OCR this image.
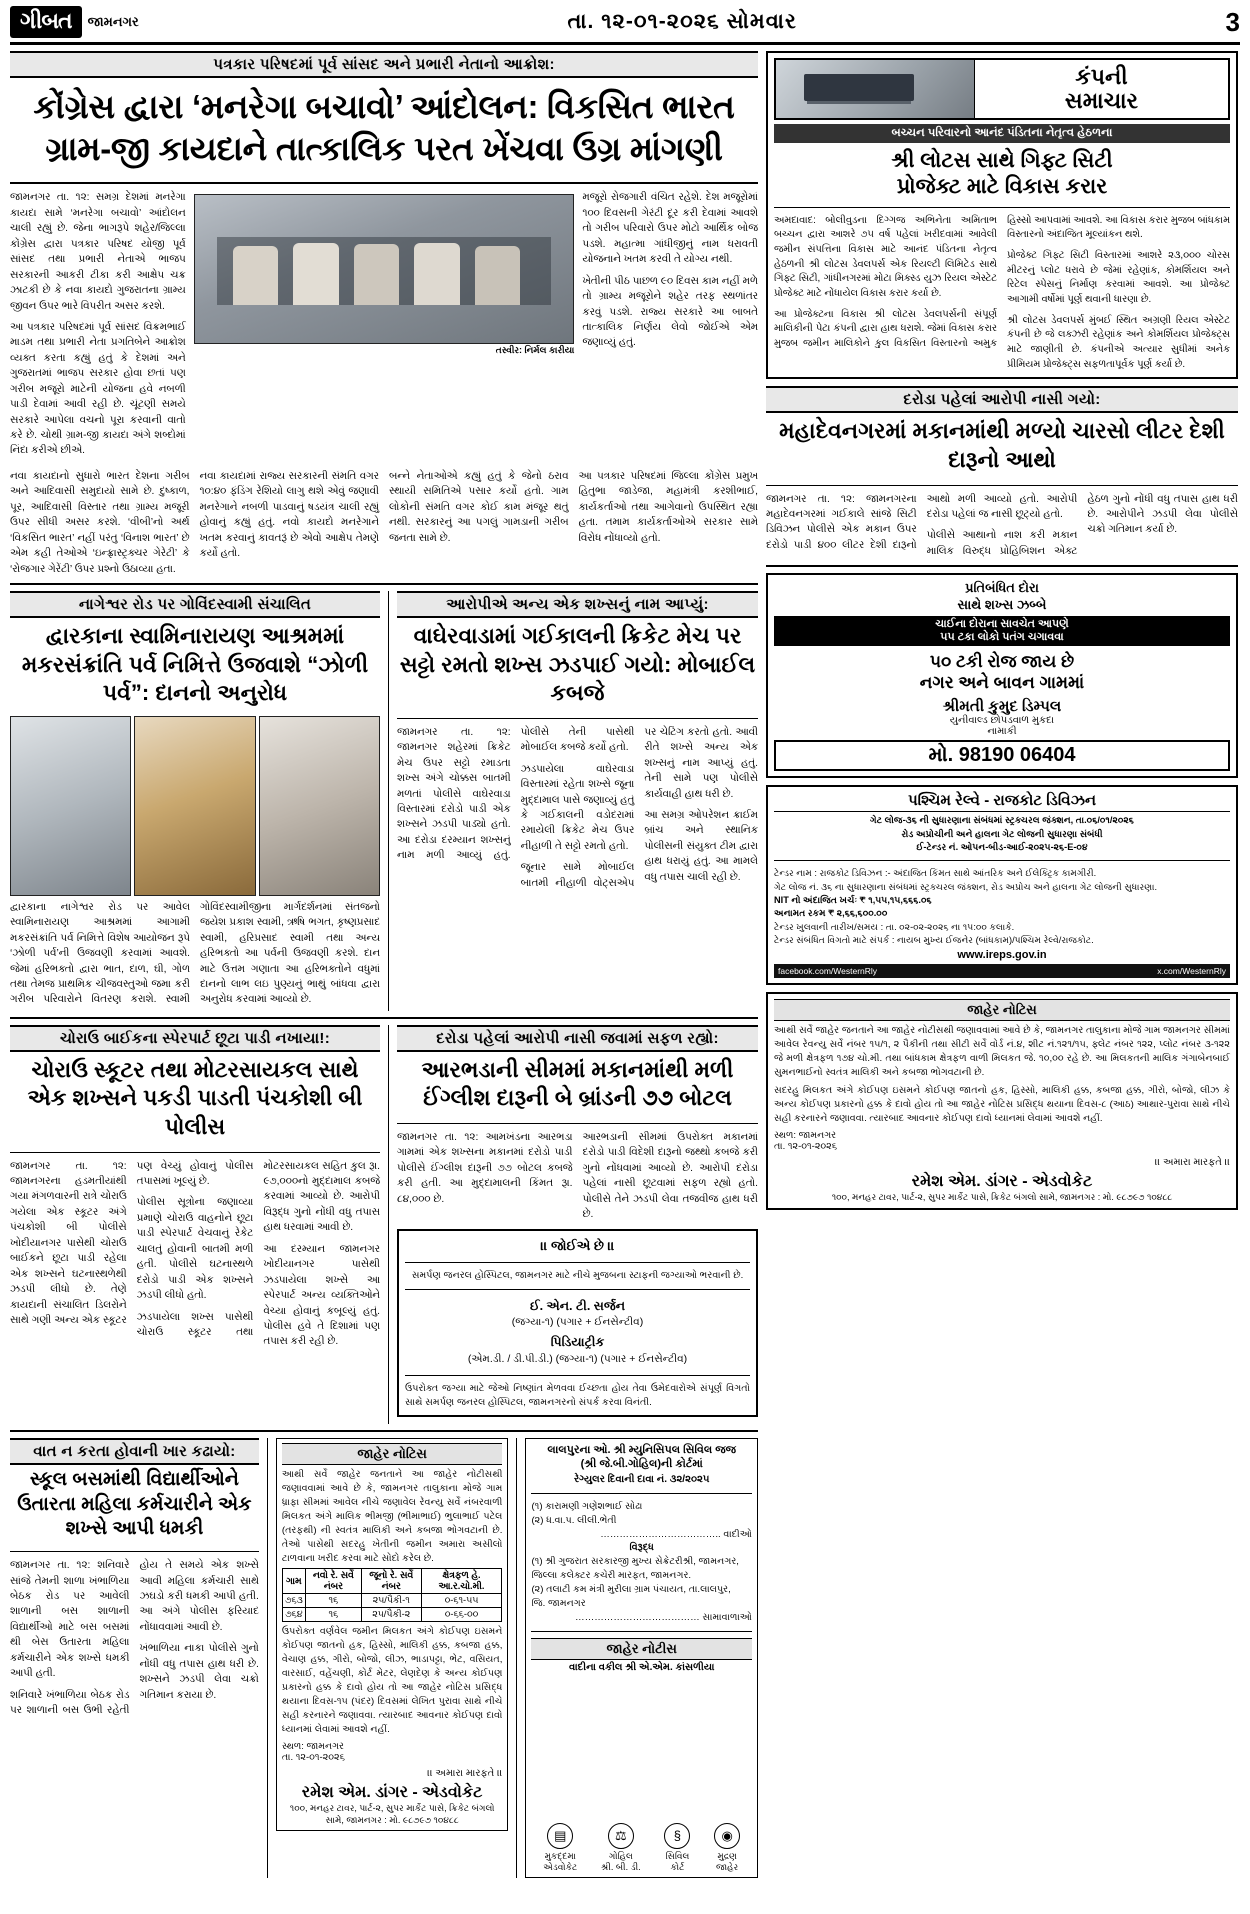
ગીબત	જામનગર	તા. ૧૨-૦૧-૨૦૨૬ સોમવાર	3
પત્રકાર પરિષદમાં પૂર્વ સાંસદ અને પ્રભારી નેતાનો આક્રોશ:
કોંગ્રેસ દ્વારા ‘મનરેગા બચાવો’ આંદોલન: વિકસિત ભારત
ગ્રામ-જી કાયદાને તાત્કાલિક પરત ખેંચવા ઉગ્ર માંગણી

જામનગર તા. ૧૨: સમગ્ર દેશમાં મનરેગા કાયદા સામે ‘મનરેગા બચાવો’ આંદોલન ચાલી રહ્યું છે. જેના ભાગરૂપે શહેર/જિલ્લા કોંગ્રેસ દ્વારા પત્રકાર પરિષદ યોજી પૂર્વ સાંસદ તથા પ્રભારી નેતાએ ભાજપ સરકારની આકરી ટીકા કરી આક્ષેપ ચક્ર ઝાટકી છે કે નવા કાયદો ગુજરાતના ગ્રામ્ય જીવન ઉપર ભારે વિપરીત અસર કરશે.

આ પત્રકાર પરિષદમાં પૂર્વ સાંસદ વિક્રમભાઈ માડમ તથા પ્રભારી નેતા પ્રગતિબેને આક્રોશ વ્યક્ત કરતા કહ્યું હતું કે દેશમાં અને ગુજરાતમાં ભાજપ સરકાર હોવા છતાં પણ ગરીબ મજૂરો માટેની યોજના હવે નબળી પાડી દેવામાં આવી રહી છે. ચૂંટણી સમયે સરકારે આપેલા વચનો પૂરા કરવાની વાતો કરે છે. ચોથી ગ્રામ-જી કાયદા અંગે શબ્દોમાં નિંદા કરીએ છીએ.

તસ્વીર: નિર્મલ કારીયા

મજૂરો રોજગારી વંચિત રહેશે. દેશ મજૂરોમાં ૧૦૦ દિવસની ગેરંટી દૂર કરી દેવામાં આવશે તો ગરીબ પરિવારો ઉપર મોટો આર્થિક બોજ પડશે. મહાત્મા ગાંધીજીનું નામ ધરાવતી યોજનાને ખતમ કરવી તે યોગ્ય નથી.

ખેતીની પીઠ પાછળ ૯૦ દિવસ કામ નહીં મળે તો ગ્રામ્ય મજૂરોને શહેર તરફ સ્થળાંતર કરવું પડશે. રાજ્ય સરકારે આ બાબતે તાત્કાલિક નિર્ણય લેવો જોઈએ એમ જણાવ્યું હતું.

નવા કાયદાનો સુધારો ભારત દેશના ગરીબ અને આદિવાસી સમુદાયો સામે છે. દુષ્કાળ, પૂર, આદિવાસી વિસ્તાર તથા ગ્રામ્ય મજૂરી ઉપર સીધી અસર કરશે. ‘વીબી’નો અર્થ ‘વિકસિત ભારત’ નહીં પરંતુ ‘વિનાશ ભારત’ છે એમ કહી તેઓએ ‘ઇન્ફ્રાસ્ટ્રક્ચર ગેરેટી’ કે ‘રોજગાર ગેરેંટી’ ઉપર પ્રશ્નો ઉઠાવ્યા હતા.

નવા કાયદામાં રાજ્ય સરકારની સંમતિ વગર ૧૦:૪૦ ફંડિંગ રેશિયો લાગુ થશે એવું જણાવી મનરેગાને નબળી પાડવાનું ષડયંત્ર ચાલી રહ્યું હોવાનું કહ્યું હતું. નવો કાયદો મનરેગાને ખતમ કરવાનું કાવતરૂં છે એવો આક્ષેપ તેમણે કર્યો હતો.

બન્ને નેતાઓએ કહ્યું હતું કે જેનો ઠરાવ સ્થાયી સમિતિએ પસાર કર્યો હતો. ગામ લોકોની સંમતિ વગર કોઈ કામ મંજૂર થતું નથી. સરકારનું આ પગલું ગામડાની ગરીબ જનતા સામે છે.

આ પત્રકાર પરિષદમાં જિલ્લા કોંગ્રેસ પ્રમુખ હિતુભા જાડેજા, મહામંત્રી કરશીભાઈ, કાર્યકર્તાઓ તથા આગેવાનો ઉપસ્થિત રહ્યા હતા. તમામ કાર્યકર્તાઓએ સરકાર સામે વિરોધ નોંધાવ્યો હતો.

નાગેશ્વર રોડ પર ગોવિંદસ્વામી સંચાલિત
દ્વારકાના સ્વામિનારાયણ આશ્રમમાં મકરસંક્રાંતિ પર્વ નિમિત્તે ઉજવાશે “ઝોળી પર્વ”: દાનનો અનુરોધ

દ્વારકાના નાગેશ્વર રોડ પર આવેલ સ્વામિનારાયણ આશ્રમમાં આગામી મકરસંક્રાંતિ પર્વ નિમિત્તે વિશેષ આયોજન રૂપે ‘ઝોળી પર્વ’ની ઉજવણી કરવામાં આવશે. જેમાં હરિભક્તો દ્વારા ભાત, દાળ, ઘી, ગોળ તથા તેમજ પ્રાથમિક ચીજવસ્તુઓ જમા કરી ગરીબ પરિવારોને વિતરણ કરાશે. સ્વામી ગોવિંદસ્વામીજીના માર્ગદર્શનમાં સંતજનો જયેશ પ્રકાશ સ્વામી, ઋષિ ભગત, કૃષ્ણપ્રસાદ સ્વામી, હરિપ્રસાદ સ્વામી તથા અન્ય હરિભક્તો આ પર્વની ઉજવણી કરશે. દાન માટે ઉત્તમ ગણાતા આ હરિભક્તોને વધુમાં દાનનો લાભ લઇ પુણ્યનું ભાથું બાંધવા દ્વારા અનુરોધ કરવામાં આવ્યો છે.

આરોપીએ અન્ય એક શખ્સનું નામ આપ્યું:
વાઘેરવાડામાં ગઈકાલની ક્રિકેટ મેચ પર સટ્ટો રમતો શખ્સ ઝડપાઈ ગયો: મોબાઈલ કબજે

જામનગર તા. ૧૨: જામનગર શહેરમાં ક્રિકેટ મેચ ઉપર સટ્ટો રમાડતા શખ્સ અંગે ચોક્કસ બાતમી મળતાં પોલીસે વાઘેરવાડા વિસ્તારમાં દરોડો પાડી એક શખ્સને ઝડપી પાડ્યો હતો. આ દરોડા દરમ્યાન શખ્સનું નામ મળી આવ્યું હતું. પોલીસે તેની પાસેથી મોબાઈલ કબજે કર્યો હતો.

ઝડપાયેલા વાઘેરવાડા વિસ્તારમાં રહેતા શખ્સે જૂના મુદ્દામાલ પાસે જણાવ્યું હતું કે ગઈકાલની વડોદરામાં રમાયેલી ક્રિકેટ મેચ ઉપર નીહાળી તે સટ્ટો રમતો હતો.

જૂનાર સામે મોબાઈલ બાતમી નીહાળી વોટ્સએપ પર ચેટિંગ કરતો હતો. આવી રીતે શખ્સે અન્ય એક શખ્સનું નામ આપ્યું હતું. તેની સામે પણ પોલીસે કાર્યવાહી હાથ ધરી છે.

આ સમગ્ર ઓપરેશન ક્રાઈમ બ્રાંચ અને સ્થાનિક પોલીસની સંયુક્ત ટીમ દ્વારા હાથ ધરાયું હતું. આ મામલે વધુ તપાસ ચાલી રહી છે.

ચોરાઉ બાઈકના સ્પેરપાર્ટ છૂટા પાડી નખાયા!:
ચોરાઉ સ્કૂટર તથા મોટરસાયકલ સાથે એક શખ્સને પકડી પાડતી પંચકોશી બી પોલીસ

જામનગર તા. ૧૨: જામનગરના હડમતીયાંથી ગયા મંગળવારની રાત્રે ચોરાઉ ગયેલા એક સ્કૂટર અંગે પંચકોશી બી પોલીસે ખોદીયાનગર પાસેથી ચોરાઉ બાઈકને છૂટા પાડી રહેલા એક શખ્સને ઘટનાસ્થળેથી ઝડપી લીધો છે. તેણે કાયદાની સંચાલિત ડિલરોને સાથે ગણી અન્ય એક સ્કૂટર પણ વેચ્યું હોવાનું પોલીસ તપાસમાં ખૂલ્યું છે.

પોલીસ સૂત્રોના જણાવ્યા પ્રમાણે ચોરાઉ વાહનોને છૂટા પાડી સ્પેરપાર્ટ વેચવાનું રેકેટ ચાલતું હોવાની બાતમી મળી હતી. પોલીસે ઘટનાસ્થળે દરોડો પાડી એક શખ્સને ઝડપી લીધો હતો.

ઝડપાયેલા શખ્સ પાસેથી ચોરાઉ સ્કૂટર તથા મોટરસાયકલ સહિત કુલ રૂા. ૯૭,૦૦૦નો મુદ્દામાલ કબજે કરવામાં આવ્યો છે. આરોપી વિરૂદ્ધ ગુનો નોંધી વધુ તપાસ હાથ ધરવામાં આવી છે.

આ દરમ્યાન જામનગર ખોદીયાનગર પાસેથી ઝડપાયેલા શખ્સે આ સ્પેરપાર્ટ અન્ય વ્યક્તિઓને વેચ્યા હોવાનું કબૂલ્યું હતું. પોલીસ હવે તે દિશામાં પણ તપાસ કરી રહી છે.

દરોડા પહેલાં આરોપી નાસી જવામાં સફળ રહ્યો:
આરભડાની સીમમાં મકાનમાંથી મળી ઈંગ્લીશ દારૂની બે બ્રાંડની ૭૭ બોટલ

જામનગર તા. ૧૨: આમખંડના આરભડા ગામમાં એક શખ્સના મકાનમાં દરોડો પાડી પોલીસે ઈંગ્લીશ દારૂની ૭૭ બોટલ કબજે કરી હતી. આ મુદ્દામાલની કિંમત રૂા. ૮૪,૦૦૦ છે.

આરભડાની સીમમાં ઉપરોક્ત મકાનમાં દરોડો પાડી વિદેશી દારૂનો જથ્થો કબજે કરી ગુનો નોંધવામાં આવ્યો છે. આરોપી દરોડા પહેલાં નાસી છૂટવામાં સફળ રહ્યો હતો. પોલીસે તેને ઝડપી લેવા તજવીજ હાથ ધરી છે.

।। જોઈએ છે ।।
સમર્પણ જનરલ હોસ્પિટલ, જામનગર માટે નીચે મુજબના સ્ટાફની જગ્યાઓ ભરવાની છે.
ઈ. એન. ટી. સર્જન
(જગ્યા-૧) (પગાર + ઈનસેન્ટીવ)
પિડિયાટ્રીક
(એમ.ડી. / ડી.પી.ડી.) (જગ્યા-૧) (પગાર + ઈનસેન્ટીવ)
ઉપરોક્ત જગ્યા માટે જેઓ નિષ્ણાંત મેળવવા ઈચ્છતા હોય તેવા ઉમેદવારોએ સંપૂર્ણ વિગતો સાથે સમર્પણ જનરલ હોસ્પિટલ, જામનગરનો સંપર્ક કરવા વિનંતી.
વાત ન કરતા હોવાની ખાર કઢાયો:
સ્કૂલ બસમાંથી વિદ્યાર્થીઓને ઉતારતા મહિલા કર્મચારીને એક શખ્સે આપી ધમકી

જામનગર તા. ૧૨: શનિવારે સાંજે તેમની શાળા ખંભાળિયા બેઠક રોડ પર આવેલી શાળાની બસ શાળાની વિદ્યાર્થીઓ માટે બસ બસમાં થી બેસ ઉતારતા મહિલા કર્મચારીને એક શખ્સે ધમકી આપી હતી.

શનિવારે ખંભાળિયા બેઠક રોડ પર શાળાની બસ ઉભી રહેતી હોય તે સમયે એક શખ્સે આવી મહિલા કર્મચારી સાથે ઝઘડો કરી ધમકી આપી હતી. આ અંગે પોલીસ ફરિયાદ નોંધાવવામાં આવી છે.

ખંભાળિયા નાકા પોલીસે ગુનો નોંધી વધુ તપાસ હાથ ધરી છે. શખ્સને ઝડપી લેવા ચક્રો ગતિમાન કરાયા છે.

જાહેર નોટિસ
આથી સર્વે જાહેર જનતાને આ જાહેર નોટીસથી જણાવવામાં આવે છે કે, જામનગર તાલુકાના મોજે ગામ ધ્રાફા સીમમાં આવેલ નીચે જણાવેલ રેવન્યુ સર્વે નંબરવાળી મિલકત અંગે માલિક ભીમજી (ભીમાભાઈ) ભુલાભાઈ પટેલ (તરફથી) ની સ્વતંત્ર માલિકી અને કબજા ભોગવટાની છે. તેઓ પાસેથી સદરહુ ખેતીની જમીન અમારા અસીલો ટાળવાના ખરીદ કરવા માટે સોદો કરેલ છે.
ગામ	નવો રે. સર્વે નંબર	જૂનો રે. સર્વે નંબર	ક્ષેત્રફળ હે. આ.ર.ચો.મી.
૭૬૩	૧૬	૨૫/પૈકી-૧	૦-૬૧-૫૫
૭૬૪	૧૬	૨૫/પૈકી-૨	૦-૬૬-૦૦
ઉપરોક્ત વર્ણવેલ જમીન મિલકત અંગે કોઈપણ ઇસમને કોઈપણ જાતનો હક, હિસ્સો, માલિકી હક્ક, કબજા હક્ક, વેચાણ હક્ક, ગીરો, બોજો, લીઝ, ભાડાપટ્ટા, ભેટ, વસિયત, વારસાઈ, વહેંચણી, કોર્ટ મેટર, લેણદેણ કે અન્ય કોઈપણ પ્રકારનો હક્ક કે દાવો હોય તો આ જાહેર નોટિસ પ્રસિદ્ધ થયાના દિવસ-૧૫ (પંદર) દિવસમાં લેખિત પુરાવા સાથે નીચે સહી કરનારને જણાવવા. ત્યારબાદ આવનાર કોઈપણ દાવો ધ્યાનમાં લેવામાં આવશે નહીં.
સ્થળ: જામનગર
તા. ૧૨-૦૧-૨૦૨૬
।। અમારા મારફતે ।।
રમેશ એમ. ડાંગર - એડવોકેટ
૧૦૦, મનહર ટાવર, પાર્ટ-૨, સુપર માર્કેટ પાસે, ક્રિકેટ બંગલો સામે, જામનગર : મો. ૯૮૭૯૭ ૧૦૪૮૮
લાલપુરના ઓ. શ્રી મ્યુનિસિપલ સિવિલ જજ
(શ્રી જે.બી.ગોહિલ)ની કોર્ટમાં
રેગ્યુલર દિવાની દાવા નં. ૩૨/૨૦૨૫
(૧) કારામણી ગણેશભાઈ સોઢા
(૨) ધ.વા.પ. લીલી.ભેતી
……………………………….. વાદીઓ
વિરૂદ્ધ
(૧) શ્રી ગુજરાત સરકારજી મુખ્ય સેક્રેટરીશ્રી, જામનગર,
જિલ્લા કલેક્ટર કચેરી મારફત, જામનગર.
(૨) તલાટી કમ મંત્રી મુરીલા ગ્રામ પંચાયત, તા.લાલપુર,
જિ. જામનગર
………………………………… સામાવાળાઓ
જાહેર નોટીસ
વાદીના વકીલ શ્રી એ.એમ. કાંસળીયા
▤
મુકદ્દમા
એડવોકેટ
⚖
ગોહિલ
શ્રી. બી. ડી.
§
સિવિલ
કોર્ટ
◉
મુદ્રણ
જાહેર
કંપની
સમાચાર
બચ્ચન પરિવારનો આનંદ પંડિતના નેતૃત્વ હેઠળના
શ્રી લોટસ સાથે ગિફ્ટ સિટી
પ્રોજેક્ટ માટે વિકાસ કરાર

અમદાવાદ: બોલીવુડના દિગ્ગજ અભિનેતા અમિતાભ બચ્ચન દ્વારા આશરે ૭૫ વર્ષ પહેલાં ખરીદવામાં આવેલી જમીન સંપત્તિના વિકાસ માટે આનંદ પંડિતના નેતૃત્વ હેઠળની શ્રી લોટસ ડેવલપર્સ એક રિયલ્ટી લિમિટેડ સાથે ગિફ્ટ સિટી, ગાંધીનગરમાં મોટા મિક્સ્ડ યુઝ રિયલ એસ્ટેટ પ્રોજેક્ટ માટે નોંધાયેલ વિકાસ કરાર કર્યા છે.

આ પ્રોજેક્ટના વિકાસ શ્રી લોટસ ડેવલપર્સની સંપૂર્ણ માલિકીની પેટા કંપની દ્વારા હાથ ધરાશે. જેમાં વિકાસ કરાર મુજબ જમીન માલિકોને કુલ વિકસિત વિસ્તારનો અમુક હિસ્સો આપવામાં આવશે. આ વિકાસ કરાર મુજબ બાંધકામ વિસ્તારનો અંદાજિત મૂલ્યાંકન થશે.

પ્રોજેક્ટ ગિફ્ટ સિટી વિસ્તારમાં આશરે ૨૩,૦૦૦ ચોરસ મીટરનું પ્લોટ ધરાવે છે જેમાં રહેણાંક, કોમર્શિયલ અને રિટેલ સ્પેસનું નિર્માણ કરવામાં આવશે. આ પ્રોજેક્ટ આગામી વર્ષોમાં પૂર્ણ થવાની ધારણા છે.

શ્રી લોટસ ડેવલપર્સ મુંબઈ સ્થિત અગ્રણી રિયલ એસ્ટેટ કંપની છે જે લક્ઝરી રહેણાંક અને કોમર્શિયલ પ્રોજેક્ટ્સ માટે જાણીતી છે. કંપનીએ અત્યાર સુધીમાં અનેક પ્રીમિયમ પ્રોજેક્ટ્સ સફળતાપૂર્વક પૂર્ણ કર્યા છે.

દરોડા પહેલાં આરોપી નાસી ગયો:
મહાદેવનગરમાં મકાનમાંથી મળ્યો ચારસો લીટર દેશી દારૂનો આથો

જામનગર તા. ૧૨: જામનગરના મહાદેવનગરમાં ગઈકાલે સાંજે સિટી ડિવિઝન પોલીસે એક મકાન ઉપર દરોડો પાડી ૪૦૦ લીટર દેશી દારૂનો આથો મળી આવ્યો હતો. આરોપી દરોડા પહેલાં જ નાસી છૂટ્યો હતો.

પોલીસે આથાનો નાશ કરી મકાન માલિક વિરુદ્ધ પ્રોહિબિશન એક્ટ હેઠળ ગુનો નોંધી વધુ તપાસ હાથ ધરી છે. આરોપીને ઝડપી લેવા પોલીસે ચક્રો ગતિમાન કર્યા છે.

પ્રતિબંધિત દોરા
સાથે શખ્સ ઝબ્બે
ચાઈના દોરાના સાવચેત આપણે
૫૫ ટકા લોકો પતંગ ચગાવવા
૫૦ ટકી રોજ જાય છે
નગર અને બાવન ગામમાં
શ્રીમતી કુમુદ ડિમ્પલ
યુનીવાલ્ડ છોપડવાળ મુકદા
નામાકી
મો. 98190 06404
પશ્ચિમ રેલ્વે - રાજકોટ ડિવિઝન
ગેટ લોજ-૩૬ ની સુધારણાના સંબંધમાં સ્ટ્રક્ચરલ જંક્શન, તા.૦૬/૦૧/૨૦૨૬
રોડ અપ્રોચીની અને હાલના ગેટ લોજની સુધારણા સંબંધી
ઈ-ટેન્ડર નં. ઓપન-બીડ-આઈ-૨૦૨૫-૨૬-E-૦૪
ટેન્ડર નામ : રાજકોટ ડિવિઝન :- અંદાજિત કિંમત સાથે આંતરિક અને ઈલેક્ટ્રિક કામગીરી.
ગેટ લોજ નં. ૩૬ ના સુધારણાના સંબંધમાં સ્ટ્રક્ચરલ જંક્શન, રોડ અપ્રોચ અને હાલના ગેટ લોજની સુધારણા.
NIT નો અંદાજિત ખર્ચઃ ₹ ૧,૫૫,૧૫,૬૬૬.૦૬
અનામત રકમ ₹ ૨,૬૬,૬૦૦.૦૦
ટેન્ડર ખુલવાની તારીખ/સમય : તા. ૦૨-૦૨-૨૦૨૬ ના ૧૫:૦૦ કલાકે.
ટેન્ડર સંબંધિત વિગતો માટે સંપર્ક : નાયબ મુખ્ય ઈજનેર (બાંધકામ)/પશ્ચિમ રેલ્વે/રાજકોટ.
www.ireps.gov.in
facebook.com/WesternRly	x.com/WesternRly
જાહેર નોટિસ
આથી સર્વે જાહેર જનતાને આ જાહેર નોટીસથી જણાવવામાં આવે છે કે, જામનગર તાલુકાના મોજે ગામ જામનગર સીમમાં આવેલ રેવન્યુ સર્વે નંબર ૧૫/૧, ૨ પૈકીની તથા સીટી સર્વે વોર્ડ નં.૪, શીટ નં.૧૨૧/૧૫, ફ્લેટ નંબર ૧૨૨, પ્લોટ નંબર ૩-૧૨૨ જે મળી ક્ષેત્રફળ ૧૭૪ ચો.મી. તથા બાંધકામ ક્ષેત્રફળ વાળી મિલકત જે. ૧૦,૦૦ રહે છે. આ મિલકતની માલિક ગંગાબેનબાઈ સુમનભાઈનો સ્વતંત્ર માલિકી અને કબજા ભોગવટાની છે.
સદરહુ મિલકત અંગે કોઈપણ ઇસમને કોઈપણ જાતનો હક, હિસ્સો, માલિકી હક્ક, કબજા હક્ક, ગીરો, બોજો, લીઝ કે અન્ય કોઈપણ પ્રકારનો હક્ક કે દાવો હોય તો આ જાહેર નોટિસ પ્રસિદ્ધ થયાના દિવસ-૮ (આઠ) આથાર-પુરાવા સાથે નીચે સહી કરનારને જણાવવા. ત્યારબાદ આવનાર કોઈપણ દાવો ધ્યાનમાં લેવામાં આવશે નહીં.
સ્થળ: જામનગર
તા. ૧૨-૦૧-૨૦૨૬
।। અમારા મારફતે ।।
રમેશ એમ. ડાંગર - એડવોકેટ
૧૦૦, મનહર ટાવર, પાર્ટ-૨, સુપર માર્કેટ પાસે, ક્રિકેટ બંગલો સામે, જામનગર : મો. ૯૮૭૯૭ ૧૦૪૮૮
